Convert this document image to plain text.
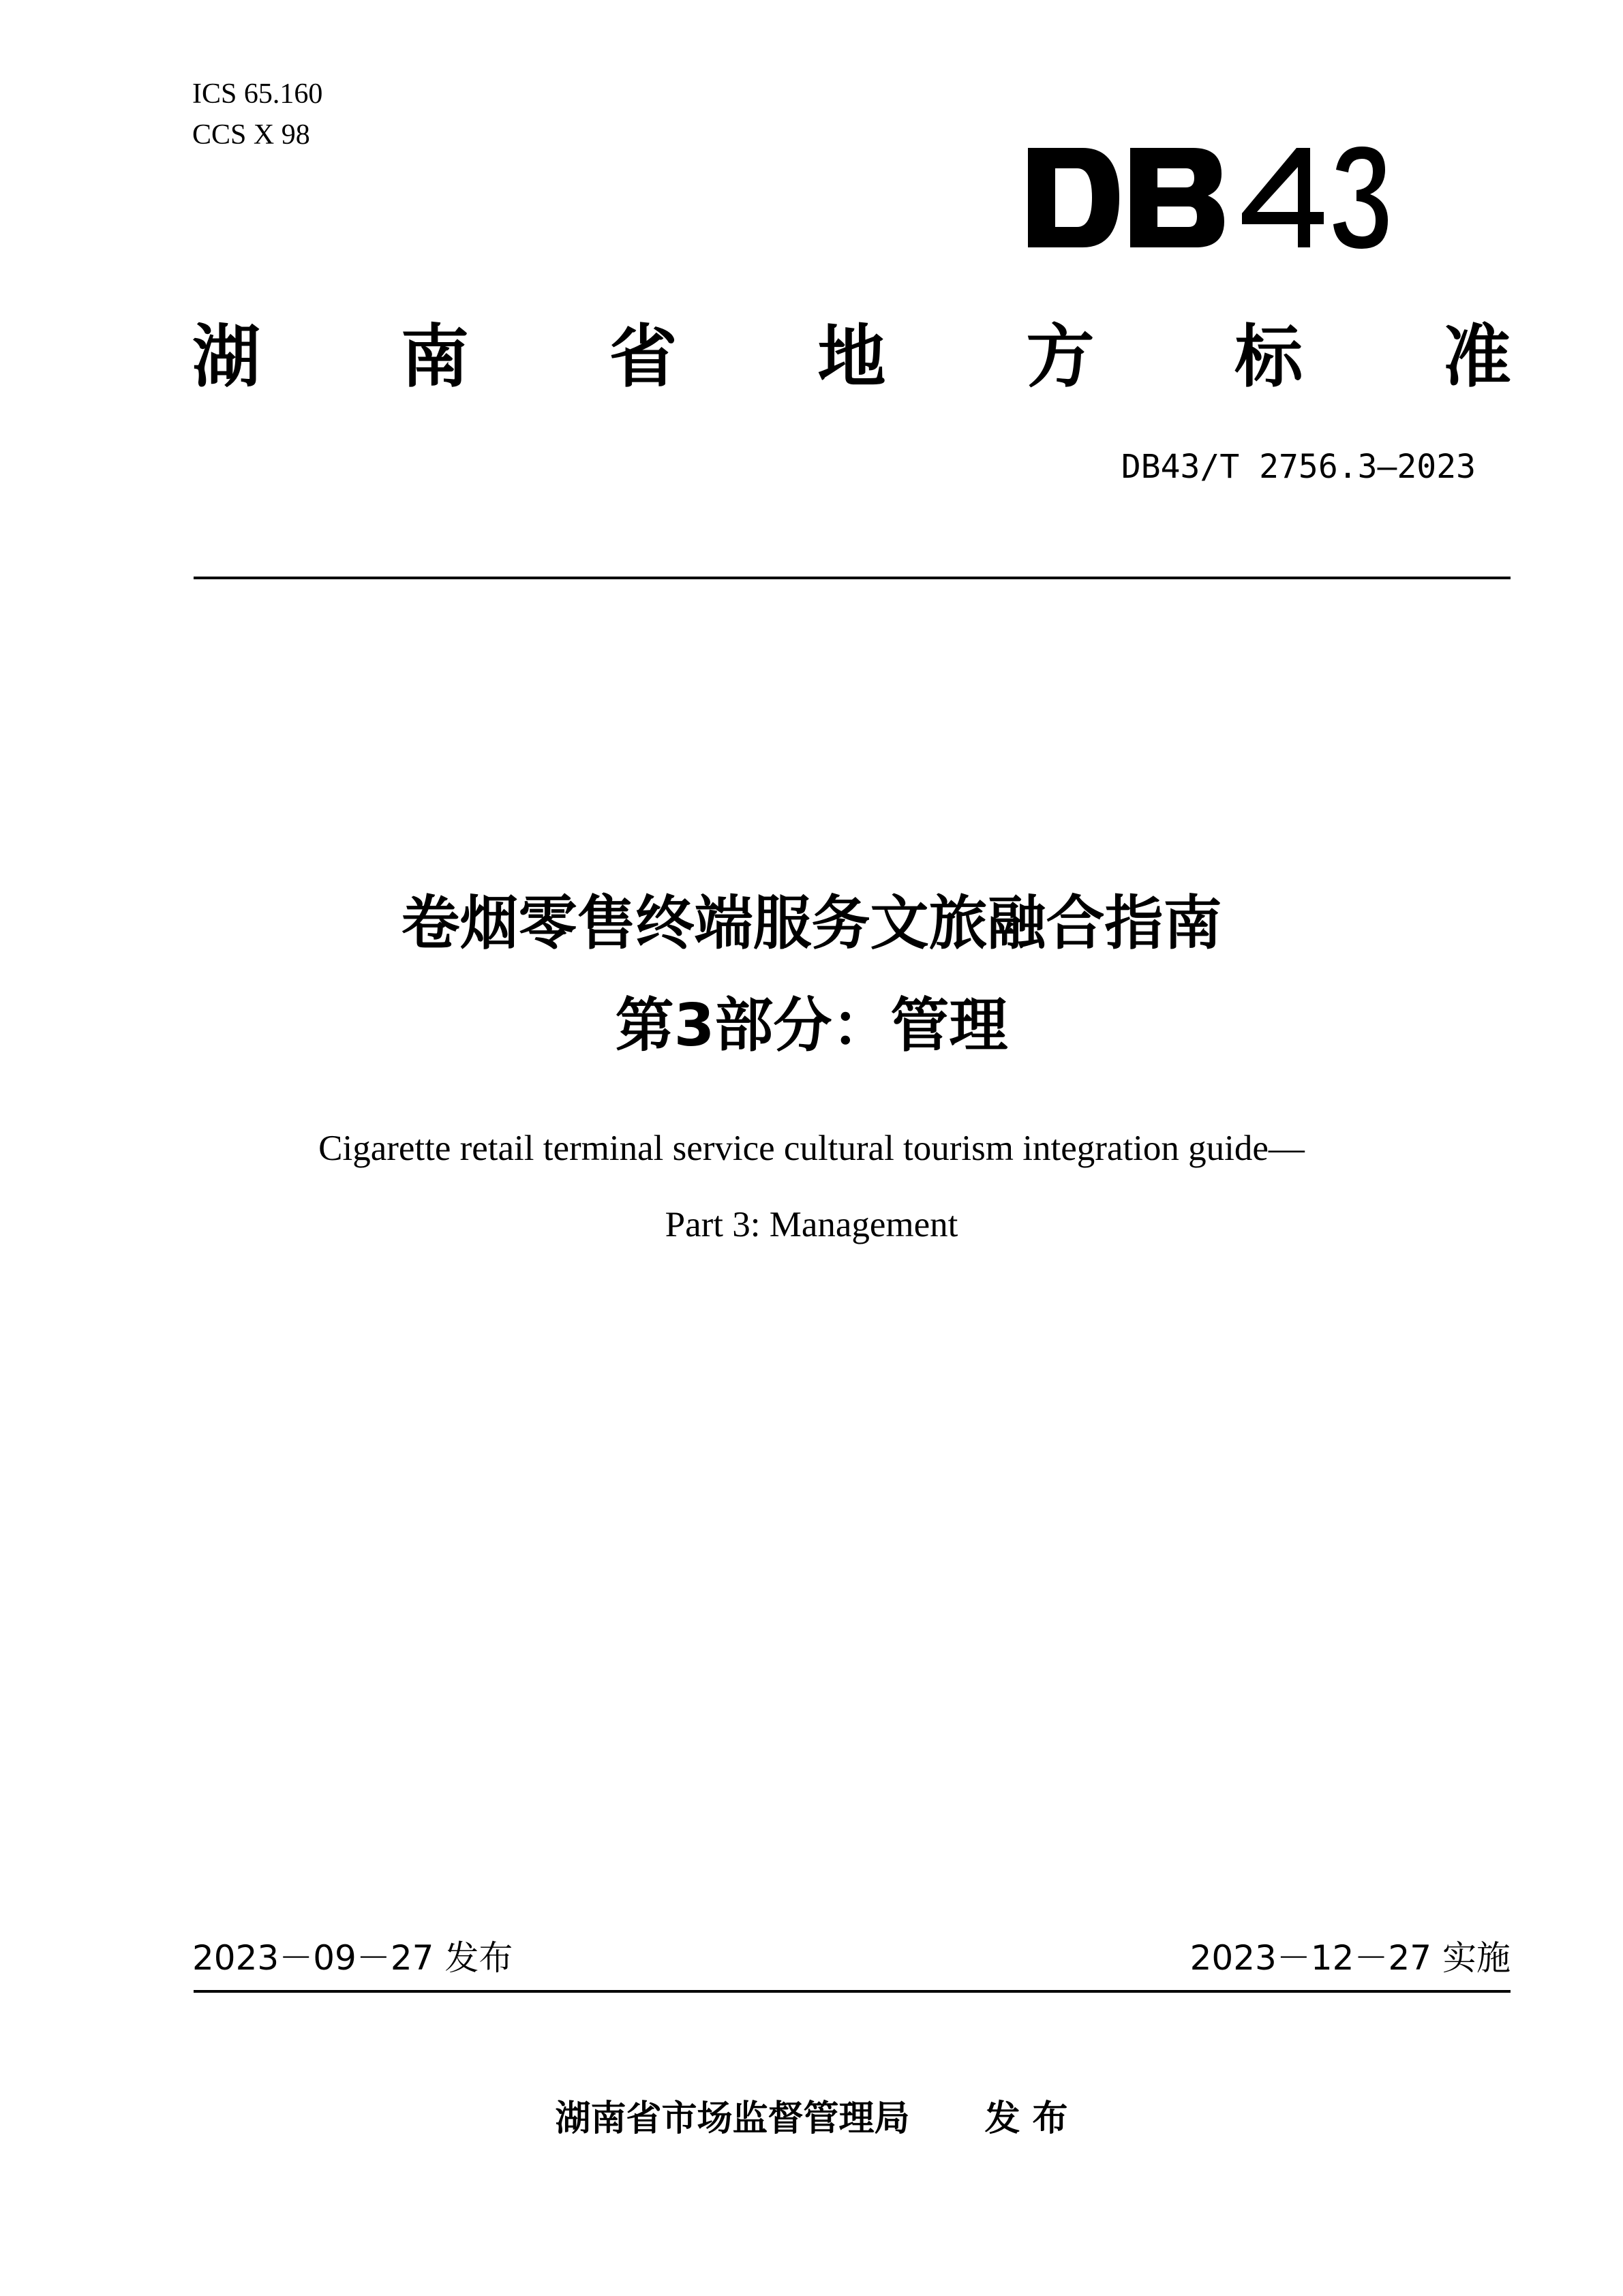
ICS 65.160
CCS X 98
湖 南 省 地 方 标 准
DB43/T 2756.3—2023
卷烟零售终端服务文旅融合指南
第3部分：管理
Cigarette retail terminal service cultural tourism integration guide—
Part 3: Management
2023－09－27 发布	2023－12－27 实施
湖南省市场监督管理局 发 布
